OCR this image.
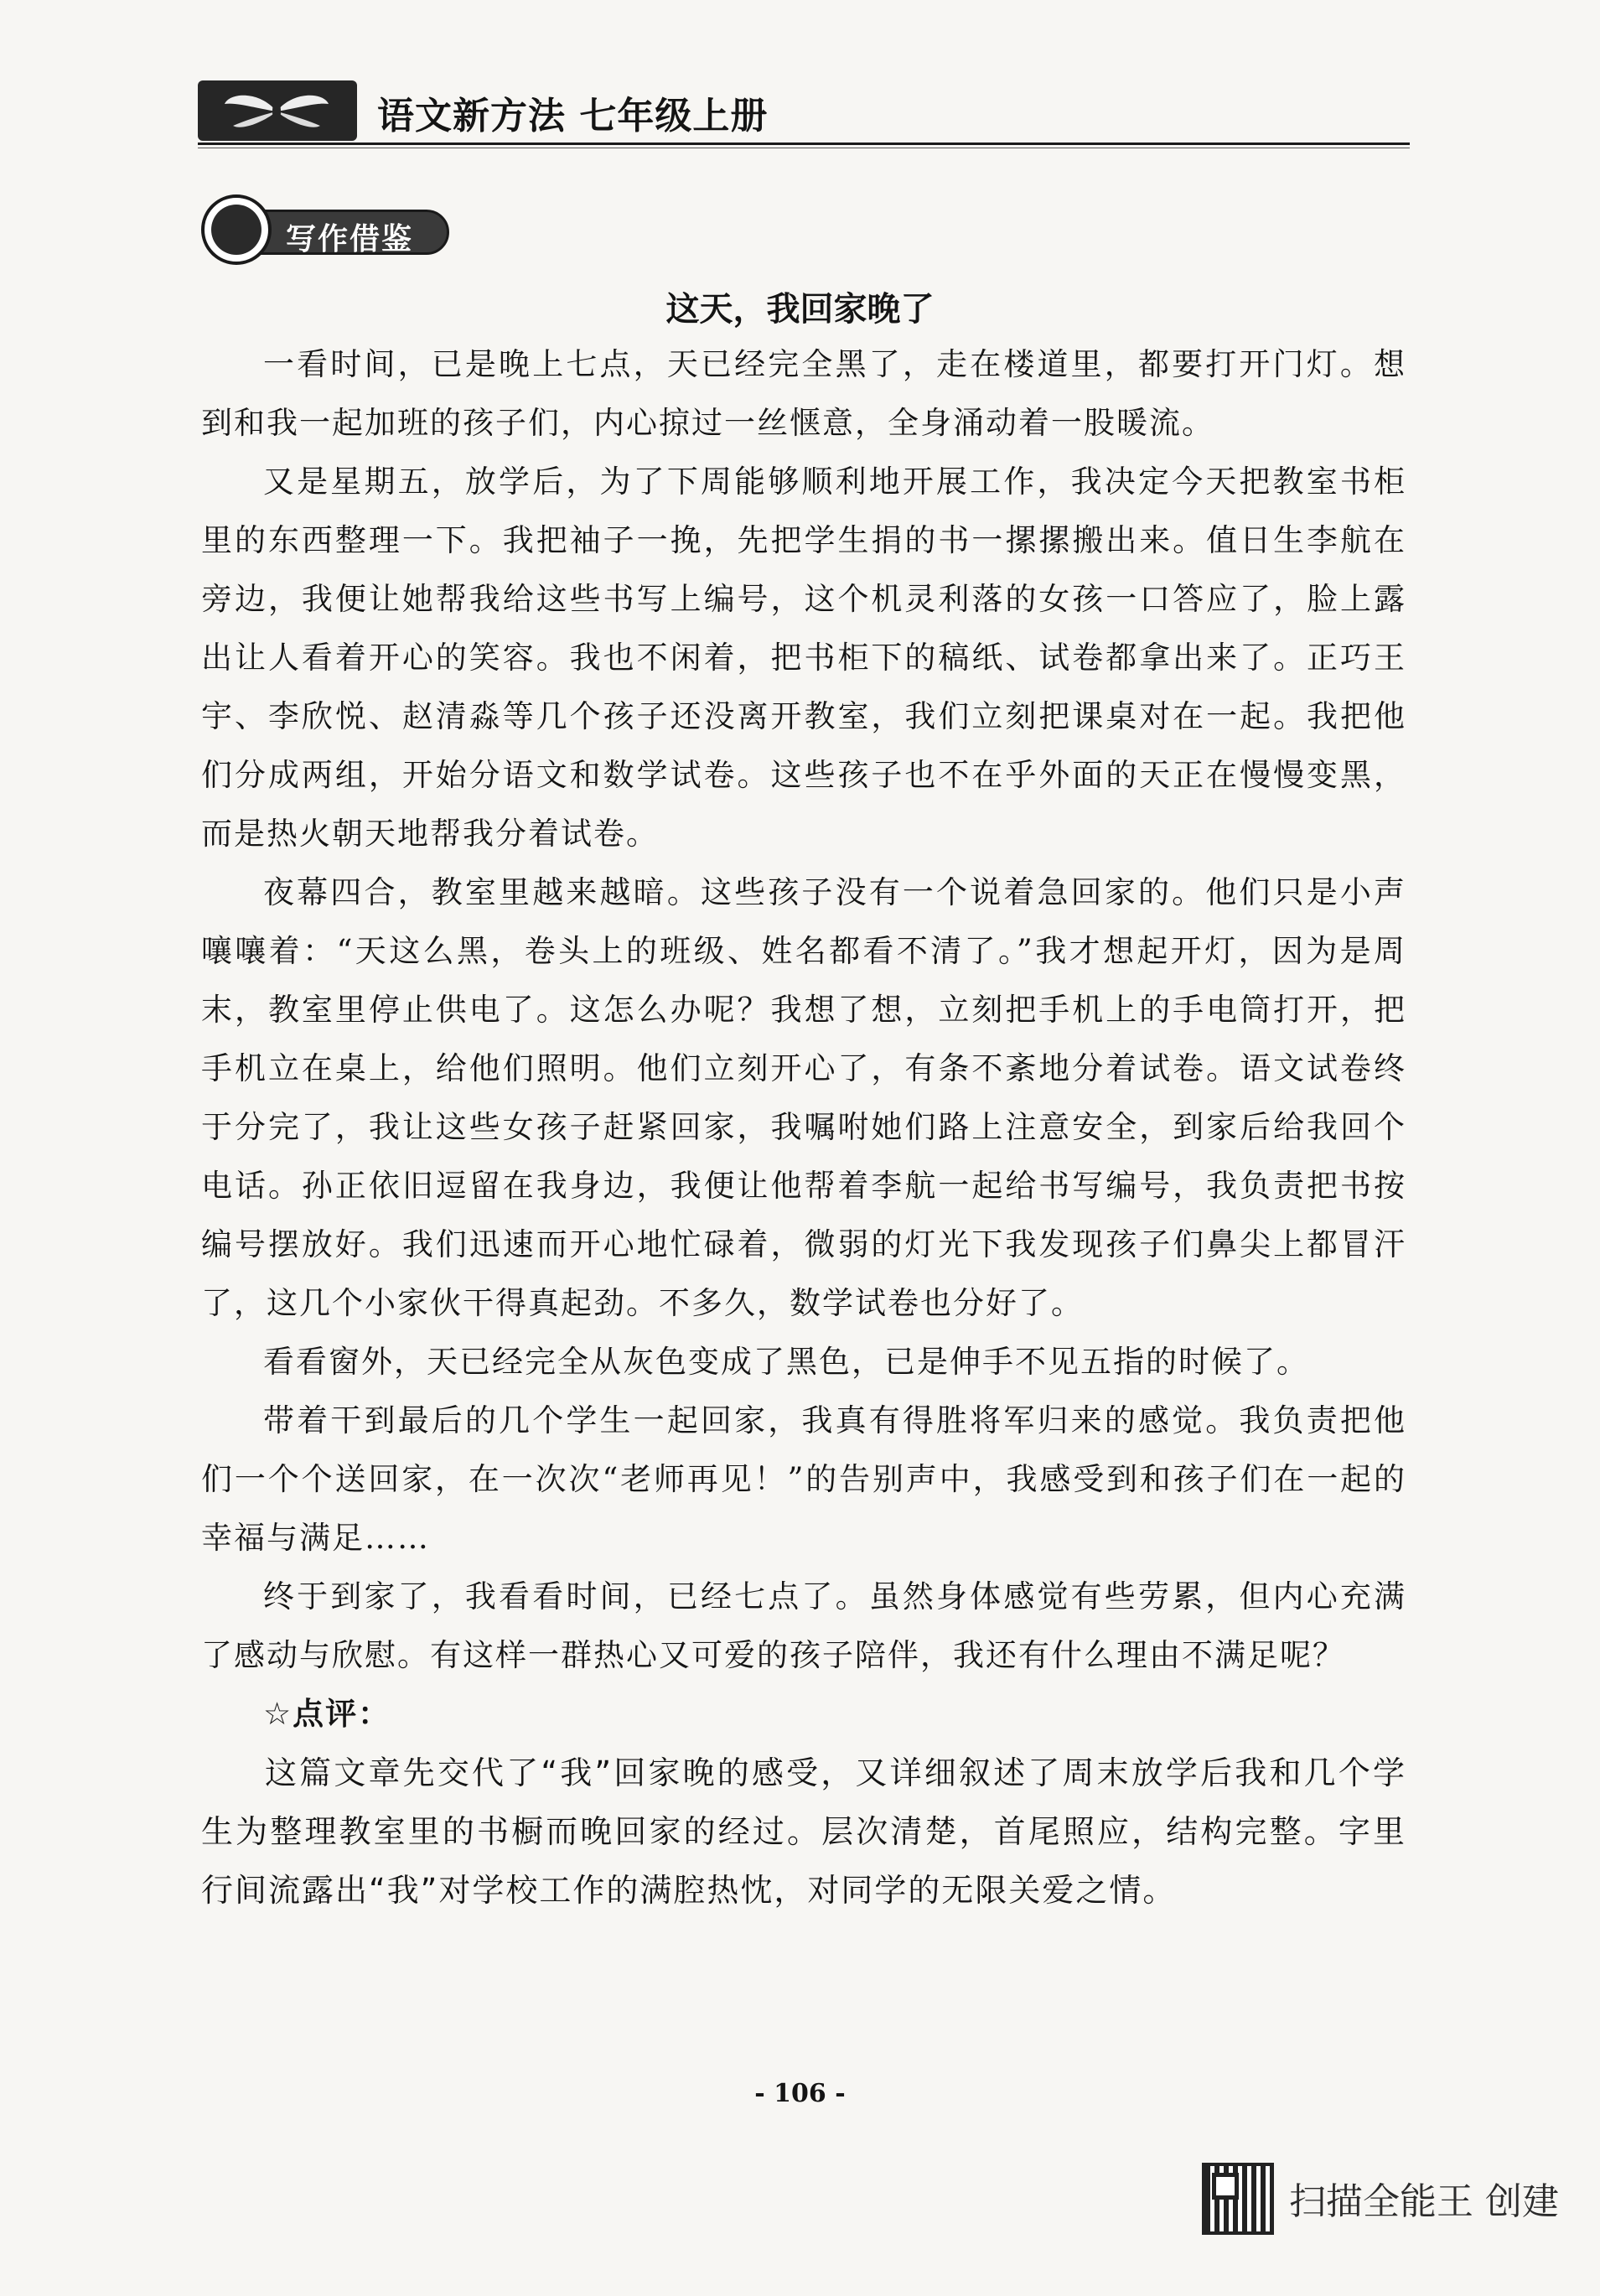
语文新方法 七年级上册
写作借鉴
这天，我回家晚了

一看时间，已是晚上七点，天已经完全黑了，走在楼道里，都要打开门灯。想到和我一起加班的孩子们，内心掠过一丝惬意，全身涌动着一股暖流。

又是星期五，放学后，为了下周能够顺利地开展工作，我决定今天把教室书柜里的东西整理一下。我把袖子一挽，先把学生捐的书一摞摞搬出来。值日生李航在旁边，我便让她帮我给这些书写上编号，这个机灵利落的女孩一口答应了，脸上露出让人看着开心的笑容。我也不闲着，把书柜下的稿纸、试卷都拿出来了。正巧王宇、李欣悦、赵清淼等几个孩子还没离开教室，我们立刻把课桌对在一起。我把他们分成两组，开始分语文和数学试卷。这些孩子也不在乎外面的天正在慢慢变黑，而是热火朝天地帮我分着试卷。

夜幕四合，教室里越来越暗。这些孩子没有一个说着急回家的。他们只是小声嚷嚷着：“天这么黑，卷头上的班级、姓名都看不清了。”我才想起开灯，因为是周末，教室里停止供电了。这怎么办呢？我想了想，立刻把手机上的手电筒打开，把手机立在桌上，给他们照明。他们立刻开心了，有条不紊地分着试卷。语文试卷终于分完了，我让这些女孩子赶紧回家，我嘱咐她们路上注意安全，到家后给我回个电话。孙正依旧逗留在我身边，我便让他帮着李航一起给书写编号，我负责把书按编号摆放好。我们迅速而开心地忙碌着，微弱的灯光下我发现孩子们鼻尖上都冒汗了，这几个小家伙干得真起劲。不多久，数学试卷也分好了。

看看窗外，天已经完全从灰色变成了黑色，已是伸手不见五指的时候了。

带着干到最后的几个学生一起回家，我真有得胜将军归来的感觉。我负责把他们一个个送回家，在一次次“老师再见！”的告别声中，我感受到和孩子们在一起的幸福与满足……

终于到家了，我看看时间，已经七点了。虽然身体感觉有些劳累，但内心充满了感动与欣慰。有这样一群热心又可爱的孩子陪伴，我还有什么理由不满足呢？

☆点评：

这篇文章先交代了“我”回家晚的感受，又详细叙述了周末放学后我和几个学生为整理教室里的书橱而晚回家的经过。层次清楚，首尾照应，结构完整。字里行间流露出“我”对学校工作的满腔热忱，对同学的无限关爱之情。

- 106 -
扫描全能王 创建
